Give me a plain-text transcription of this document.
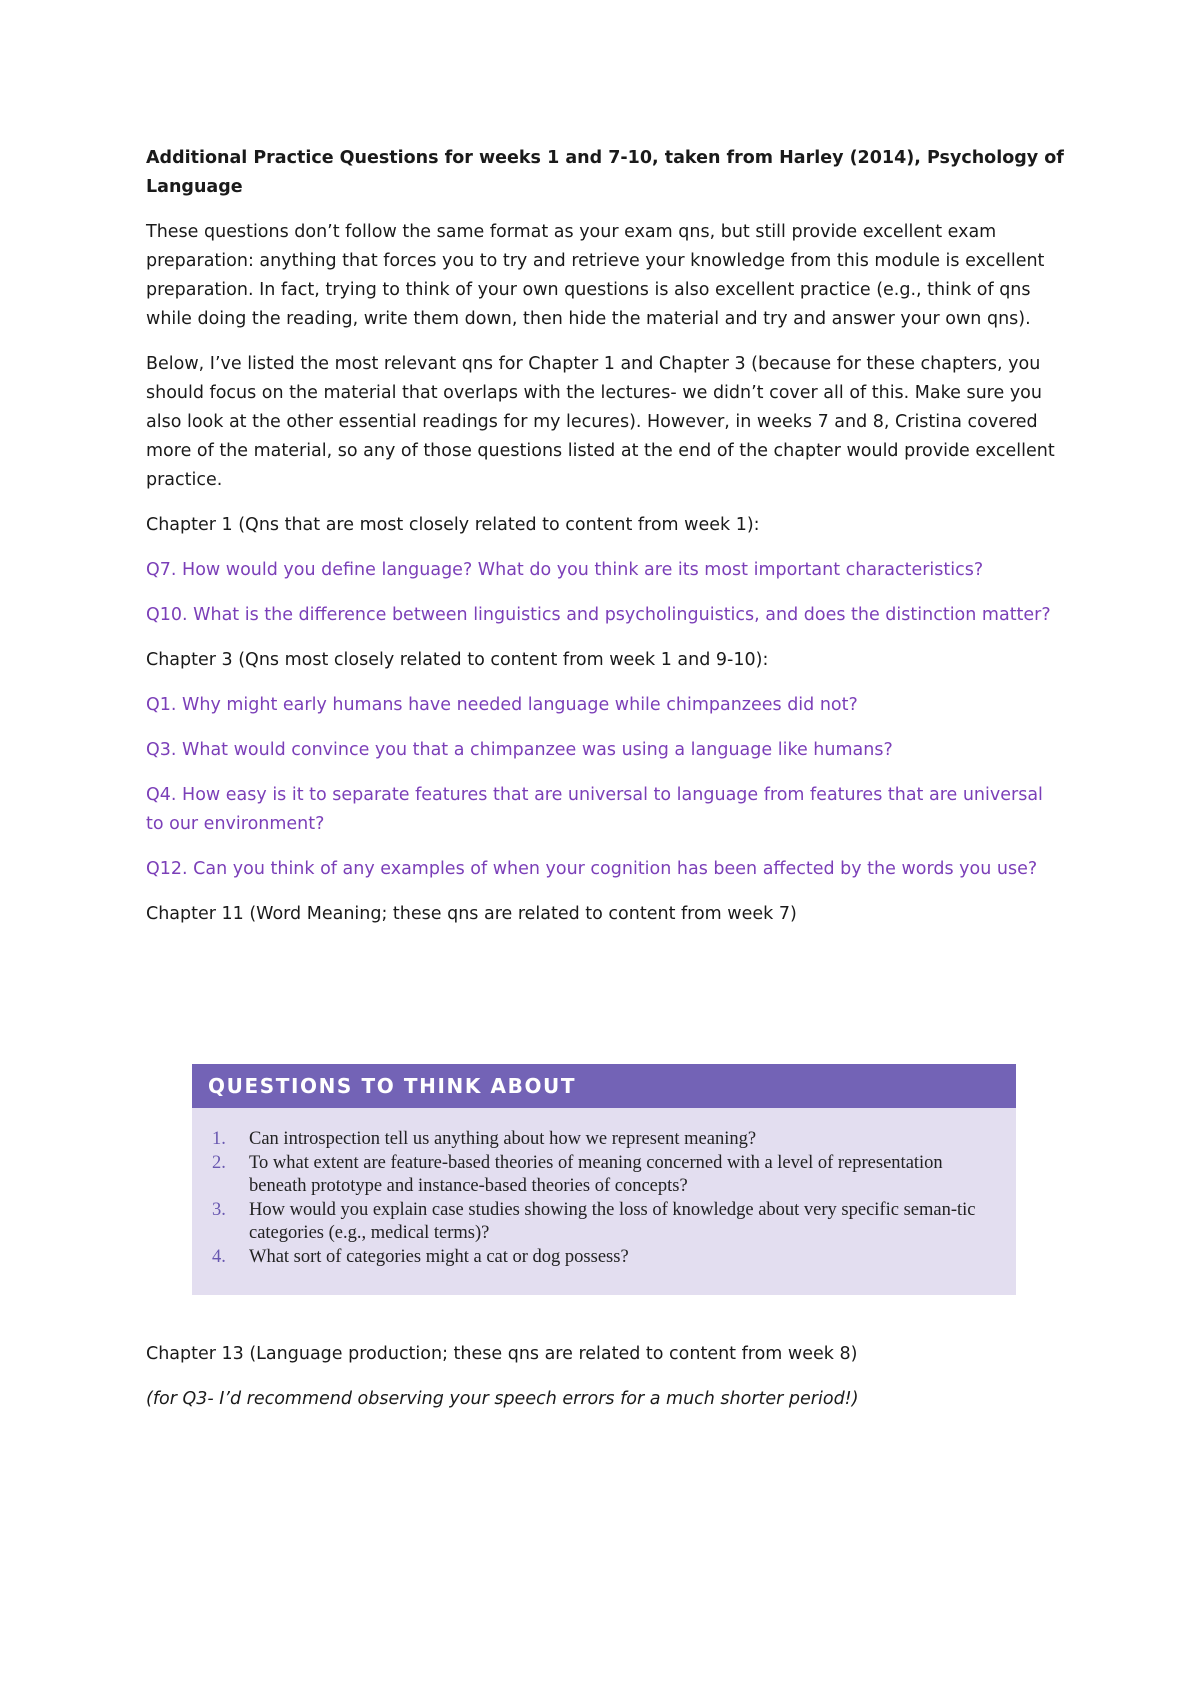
Additional Practice Questions for weeks 1 and 7-10, taken from Harley (2014), Psychology of Language

These questions don’t follow the same format as your exam qns, but still provide excellent exam preparation: anything that forces you to try and retrieve your knowledge from this module is excellent preparation. In fact, trying to think of your own questions is also excellent practice (e.g., think of qns while doing the reading, write them down, then hide the material and try and answer your own qns).

Below, I’ve listed the most relevant qns for Chapter 1 and Chapter 3 (because for these chapters, you should focus on the material that overlaps with the lectures- we didn’t cover all of this. Make sure you also look at the other essential readings for my lecures). However, in weeks 7 and 8, Cristina covered more of the material, so any of those questions listed at the end of the chapter would provide excellent practice.

Chapter 1 (Qns that are most closely related to content from week 1):

Q7. How would you define language? What do you think are its most important characteristics?

Q10. What is the difference between linguistics and psycholinguistics, and does the distinction matter?

Chapter 3 (Qns most closely related to content from week 1 and 9-10):

Q1. Why might early humans have needed language while chimpanzees did not?

Q3. What would convince you that a chimpanzee was using a language like humans?

Q4. How easy is it to separate features that are universal to language from features that are universal to our environment?

Q12. Can you think of any examples of when your cognition has been affected by the words you use?

Chapter 11 (Word Meaning; these qns are related to content from week 7)

QUESTIONS TO THINK ABOUT
1.	Can introspection tell us anything about how we represent meaning?
2.	To what extent are feature-based theories of meaning concerned with a level of representation beneath prototype and instance-based theories of concepts?
3.	How would you explain case studies showing the loss of knowledge about very specific seman-tic categories (e.g., medical terms)?
4.	What sort of categories might a cat or dog possess?

Chapter 13 (Language production; these qns are related to content from week 8)

(for Q3- I’d recommend observing your speech errors for a much shorter period!)
